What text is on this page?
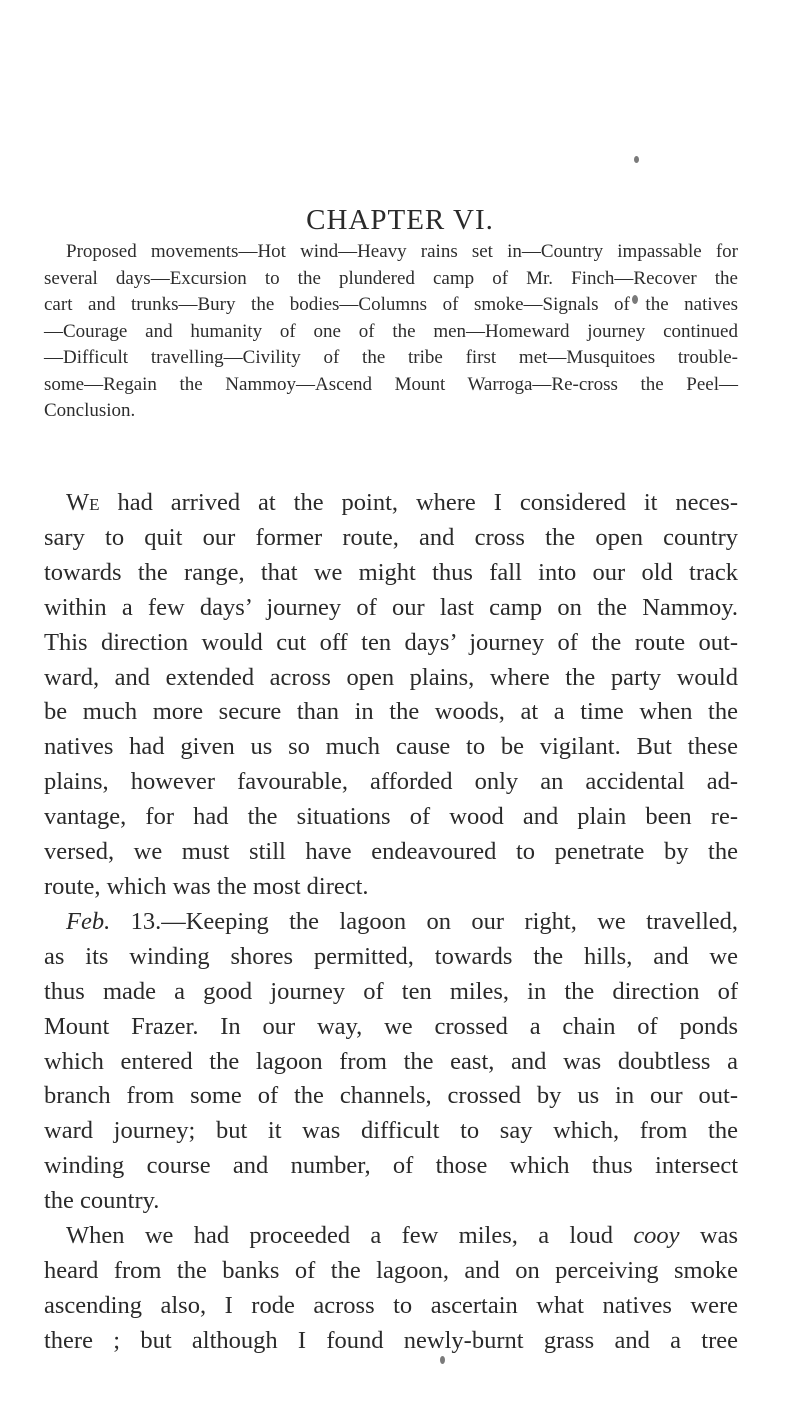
CHAPTER VI.
Proposed movements—Hot wind—Heavy rains set in—Country impassable for
several days—Excursion to the plundered camp of Mr. Finch—Recover the
cart and trunks—Bury the bodies—Columns of smoke—Signals of the natives
—Courage and humanity of one of the men—Homeward journey continued
—Difficult travelling—Civility of the tribe first met—Musquitoes trouble-
some—Regain the Nammoy—Ascend Mount Warroga—Re-cross the Peel—
Conclusion.
We had arrived at the point, where I considered it neces-
sary to quit our former route, and cross the open country
towards the range, that we might thus fall into our old track
within a few days’ journey of our last camp on the Nammoy.
This direction would cut off ten days’ journey of the route out-
ward, and extended across open plains, where the party would
be much more secure than in the woods, at a time when the
natives had given us so much cause to be vigilant. But these
plains, however favourable, afforded only an accidental ad-
vantage, for had the situations of wood and plain been re-
versed, we must still have endeavoured to penetrate by the
route, which was the most direct.
Feb. 13.—Keeping the lagoon on our right, we travelled,
as its winding shores permitted, towards the hills, and we
thus made a good journey of ten miles, in the direction of
Mount Frazer. In our way, we crossed a chain of ponds
which entered the lagoon from the east, and was doubtless a
branch from some of the channels, crossed by us in our out-
ward journey; but it was difficult to say which, from the
winding course and number, of those which thus intersect
the country.
When we had proceeded a few miles, a loud cooy was
heard from the banks of the lagoon, and on perceiving smoke
ascending also, I rode across to ascertain what natives were
there ; but although I found newly-burnt grass and a tree
